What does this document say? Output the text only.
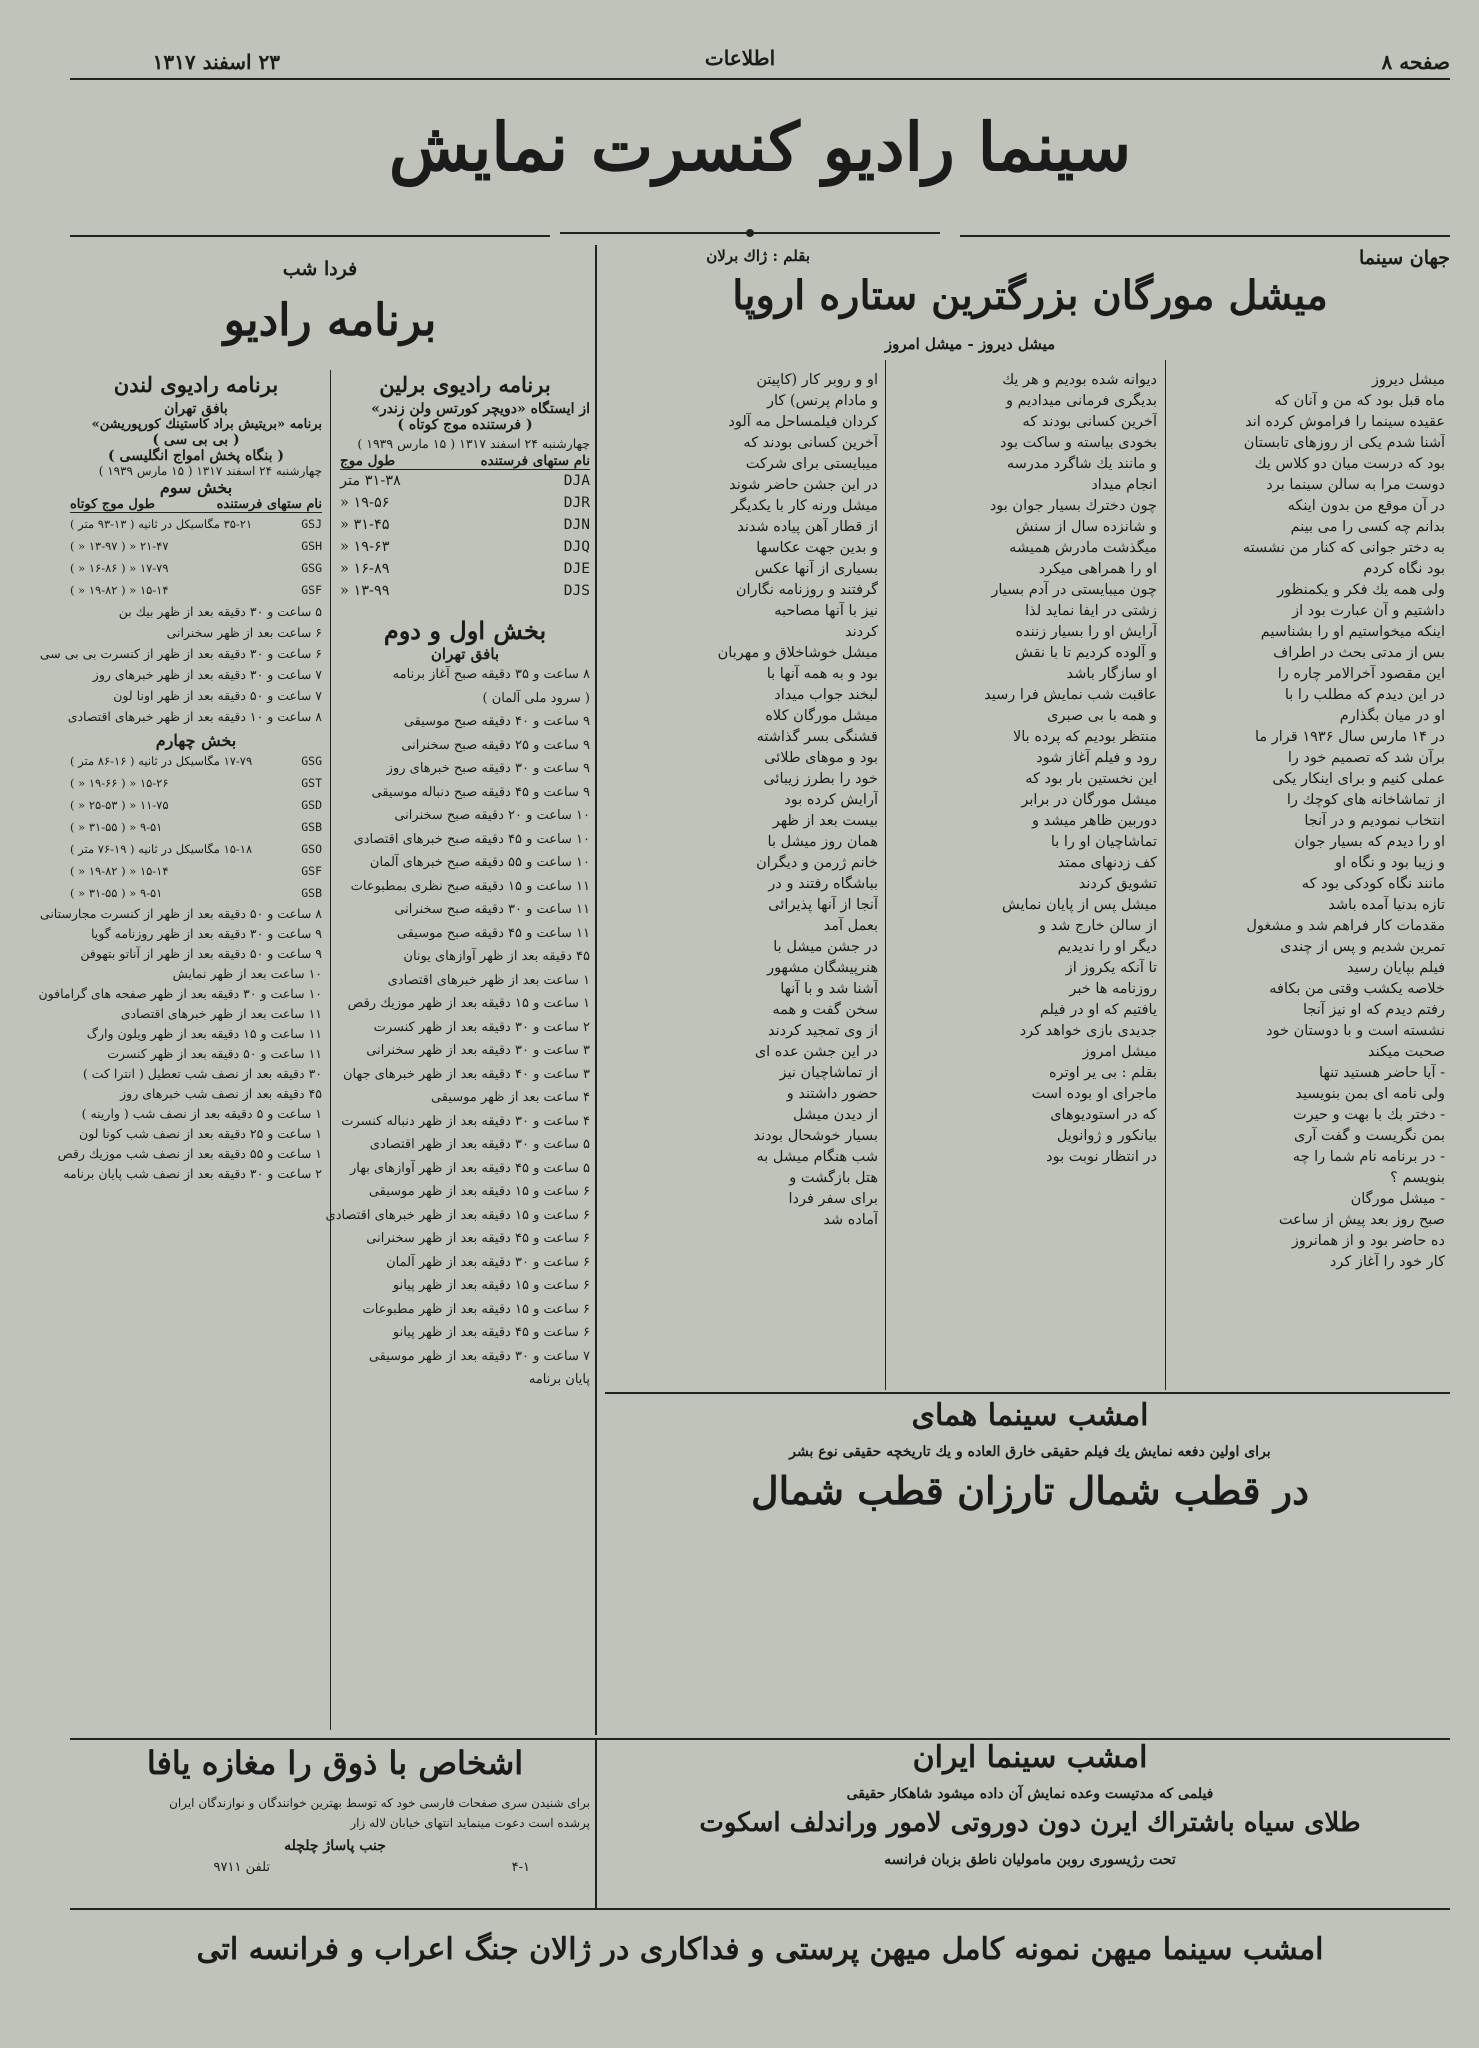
صفحه ۸
اطلاعات
۲۳ اسفند ۱۳۱۷
سینما رادیو کنسرت نمایش
جهان سینما
بقلم : ژاك برلان
میشل مورگان بزرگترین ستاره اروپا
میشل دیروز - میشل امروز
میشل دیروز
ماه قبل بود که من و آنان که
عقیده سینما را فراموش کرده اند
آشنا شدم یکی از روزهای تابستان
بود که درست میان دو کلاس یك
دوست مرا به سالن سینما برد
در آن موقع من بدون اینکه
بدانم چه کسی را می بینم
به دختر جوانی که کنار من نشسته
بود نگاه کردم
ولی همه یك فکر و یکمنظور
داشتیم و آن عبارت بود از
اینکه میخواستیم او را بشناسیم
بس از مدتی بحث در اطراف
این مقصود آخرالامر چاره را
در این دیدم که مطلب را با
او در میان بگذارم
در ۱۴ مارس سال ۱۹۳۶ قرار ما
برآن شد که تصمیم خود را
عملی کنیم و برای اینکار یکی
از تماشاخانه های کوچك را
انتخاب نمودیم و در آنجا
او را دیدم که بسیار جوان
و زیبا بود و نگاه او
مانند نگاه کودکی بود که
تازه بدنیا آمده باشد
مقدمات کار فراهم شد و مشغول
تمرین شدیم و پس از چندی
فیلم بپایان رسید
خلاصه یکشب وقتی من بکافه
رفتم دیدم که او نیز آنجا
نشسته است و با دوستان خود
صحبت میکند
- آیا حاضر هستید تنها
ولی نامه ای بمن بنویسید
- دختر بك با بهت و حیرت
بمن نگریست و گفت آری
- در برنامه نام شما را چه
بنویسم ؟
- میشل مورگان
صبح روز بعد پیش از ساعت
ده حاضر بود و از همانروز
کار خود را آغاز کرد
دیوانه شده بودیم و هر یك
بدیگری فرمانی میدادیم و
آخرین کسانی بودند که
بخودی بیاسته و ساکت بود
و مانند یك شاگرد مدرسه
انجام میداد
چون دخترك بسیار جوان بود
و شانزده سال از سنش
میگذشت مادرش همیشه
او را همراهی میکرد
چون میبایستی در آدم بسیار
زشتی در ایفا نماید لذا
آرایش او را بسیار زننده
و آلوده کردیم تا با نقش
او سازگار باشد
عاقبت شب نمایش فرا رسید
و همه با بی صبری
منتظر بودیم که پرده بالا
رود و فیلم آغاز شود
این نخستین بار بود که
میشل مورگان در برابر
دوربین ظاهر میشد و
تماشاچیان او را با
کف زدنهای ممتد
تشویق کردند
میشل پس از پایان نمایش
از سالن خارج شد و
دیگر او را ندیدیم
تا آنکه یکروز از
روزنامه ها خبر
یافتیم که او در فیلم
جدیدی بازی خواهد کرد
میشل امروز
بقلم : بی یر اوتره
ماجرای او بوده است
که در استودیوهای
بیانکور و ژوانویل
در انتظار نوبت بود
او و روبر کار (کاپیتن
و مادام پرنس) کار
کردان فیلمساحل مه آلود
آخرین کسانی بودند که
میبایستی برای شرکت
در این جشن حاضر شوند
میشل ورنه کار با یکدیگر
از قطار آهن پیاده شدند
و بدین جهت عکاسها
بسیاری از آنها عکس
گرفتند و روزنامه نگاران
نیز با آنها مصاحبه
کردند
میشل خوشاخلاق و مهربان
بود و به همه آنها با
لبخند جواب میداد
میشل مورگان كلاه
قشنگی بسر گذاشته
بود و موهای طلائی
خود را بطرز زیبائی
آرایش کرده بود
بیست بعد از ظهر
همان روز میشل با
خانم ژرمن و دیگران
بباشگاه رفتند و در
آنجا از آنها پذیرائی
بعمل آمد
در جشن میشل با
هنرپیشگان مشهور
آشنا شد و با آنها
سخن گفت و همه
از وی تمجید کردند
در این جشن عده ای
از تماشاچیان نیز
حضور داشتند و
از دیدن میشل
بسیار خوشحال بودند
شب هنگام میشل به
هتل بازگشت و
برای سفر فردا
آماده شد
فردا شب
برنامه رادیو
برنامه رادیوی برلین
از ایستگاه «دویچر کورتس ولن زندر»
( فرستنده موج کوتاه )
چهارشنبه ۲۴ اسفند ۱۳۱۷ ( ۱۵ مارس ۱۹۳۹ )
نام ستهای فرستنده
طول موج
DJA
۳۱-۳۸ متر
DJR
۱۹-۵۶ «
DJN
۳۱-۴۵ «
DJQ
۱۹-۶۳ «
DJE
۱۶-۸۹ «
DJS
۱۳-۹۹ «
بخش اول و دوم
بافق تهران
۸ ساعت و ۳۵ دقیقه صبح آغاز برنامه
( سرود ملی آلمان )
۹ ساعت و ۴۰ دقیقه صبح موسیقی
۹ ساعت و ۲۵ دقیقه صبح سخنرانی
۹ ساعت و ۳۰ دقیقه صبح خبرهای روز
۹ ساعت و ۴۵ دقیقه صبح دنباله موسیقی
۱۰ ساعت و ۲۰ دقیقه صبح سخنرانی
۱۰ ساعت و ۴۵ دقیقه صبح خبرهای اقتصادی
۱۰ ساعت و ۵۵ دقیقه صبح خبرهای آلمان
۱۱ ساعت و ۱۵ دقیقه صبح نظری بمطبوعات
۱۱ ساعت و ۳۰ دقیقه صبح سخنرانی
۱۱ ساعت و ۴۵ دقیقه صبح موسیقی
۴۵ دقیقه بعد از ظهر آوازهای یونان
۱ ساعت بعد از ظهر خبرهای اقتصادی
۱ ساعت و ۱۵ دقیقه بعد از ظهر موزیك رقص
۲ ساعت و ۳۰ دقیقه بعد از ظهر کنسرت
۳ ساعت و ۳۰ دقیقه بعد از ظهر سخنرانی
۳ ساعت و ۴۰ دقیقه بعد از ظهر خبرهای جهان
۴ ساعت بعد از ظهر موسیقی
۴ ساعت و ۳۰ دقیقه بعد از ظهر دنباله کنسرت
۵ ساعت و ۳۰ دقیقه بعد از ظهر اقتصادی
۵ ساعت و ۴۵ دقیقه بعد از ظهر آوازهای بهار
۶ ساعت و ۱۵ دقیقه بعد از ظهر موسیقی
۶ ساعت و ۱۵ دقیقه بعد از ظهر خبرهای اقتصادی
۶ ساعت و ۴۵ دقیقه بعد از ظهر سخنرانی
۶ ساعت و ۳۰ دقیقه بعد از ظهر آلمان
۶ ساعت و ۱۵ دقیقه بعد از ظهر پیانو
۶ ساعت و ۱۵ دقیقه بعد از ظهر مطبوعات
۶ ساعت و ۴۵ دقیقه بعد از ظهر پیانو
۷ ساعت و ۳۰ دقیقه بعد از ظهر موسیقی
پایان برنامه
برنامه رادیوی لندن
بافق تهران
برنامه «بریتیش براد کاستینك کورپوریشن»
( بی بی سی )
( بنگاه پخش امواج انگلیسی )
چهارشنبه ۲۴ اسفند ۱۳۱۷ ( ۱۵ مارس ۱۹۳۹ )
بخش سوم
نام ستهای فرستنده
طول موج کوتاه
GSJ
۳۵-۲۱ مگاسیکل در ثانیه ( ۱۳-۹۳ متر )
GSH
۲۱-۴۷ « ( ۱۳-۹۷ « )
GSG
۱۷-۷۹ « ( ۱۶-۸۶ « )
GSF
۱۵-۱۴ « ( ۱۹-۸۲ « )
۵ ساعت و ۳۰ دقیقه بعد از ظهر بیك بن
۶ ساعت بعد از ظهر سخنرانی
۶ ساعت و ۳۰ دقیقه بعد از ظهر از کنسرت بی بی سی
۷ ساعت و ۳۰ دقیقه بعد از ظهر خبرهای روز
۷ ساعت و ۵۰ دقیقه بعد از ظهر اونا لون
۸ ساعت و ۱۰ دقیقه بعد از ظهر خبرهای اقتصادی
بخش چهارم
GSG
۱۷-۷۹ مگاسیکل در ثانیه ( ۱۶-۸۶ متر )
GST
۱۵-۲۶ « ( ۱۹-۶۶ « )
GSD
۱۱-۷۵ « ( ۲۵-۵۳ « )
GSB
۹-۵۱ « ( ۳۱-۵۵ « )
GSO
۱۵-۱۸ مگاسیکل در ثانیه ( ۱۹-۷۶ متر )
GSF
۱۵-۱۴ « ( ۱۹-۸۲ « )
GSB
۹-۵۱ « ( ۳۱-۵۵ « )
۸ ساعت و ۵۰ دقیقه بعد از ظهر از کنسرت مجارستانی
۹ ساعت و ۳۰ دقیقه بعد از ظهر روزنامه گویا
۹ ساعت و ۵۰ دقیقه بعد از ظهر از آناتو بتهوفن
۱۰ ساعت بعد از ظهر نمایش
۱۰ ساعت و ۳۰ دقیقه بعد از ظهر صفحه های گرامافون
۱۱ ساعت بعد از ظهر خبرهای اقتصادی
۱۱ ساعت و ۱۵ دقیقه بعد از ظهر ویلون وارگ
۱۱ ساعت و ۵۰ دقیقه بعد از ظهر کنسرت
۳۰ دقیقه بعد از نصف شب تعطیل ( انترا کت )
۴۵ دقیقه بعد از نصف شب خبرهای روز
۱ ساعت و ۵ دقیقه بعد از نصف شب ( وارینه )
۱ ساعت و ۲۵ دقیقه بعد از نصف شب کونا لون
۱ ساعت و ۵۵ دقیقه بعد از نصف شب موزیك رقص
۲ ساعت و ۳۰ دقیقه بعد از نصف شب پایان برنامه
امشب سینما همای
برای اولین دفعه نمایش یك فیلم حقیقی خارق العاده و یك تاریخچه حقیقی نوع بشر
در قطب شمال تارزان قطب شمال
امشب سینما ایران
فیلمی که مدتیست وعده نمایش آن داده میشود شاهکار حقیقی
طلای سیاه باشتراك ایرن دون دوروتی لامور وراندلف اسکوت
تحت رژیسوری روبن مامولیان ناطق بزبان فرانسه
اشخاص با ذوق را مغازه یافا
برای شنیدن سری صفحات فارسی خود که توسط بهترین خوانندگان و نوازندگان ایران
پرشده است دعوت مینماید انتهای خیابان لاله زار
جنب پاساژ چلچله
۴-۱
تلفن ۹۷۱۱
امشب سینما میهن نمونه کامل میهن پرستی و فداکاری در ژالان جنگ اعراب و فرانسه اتی
